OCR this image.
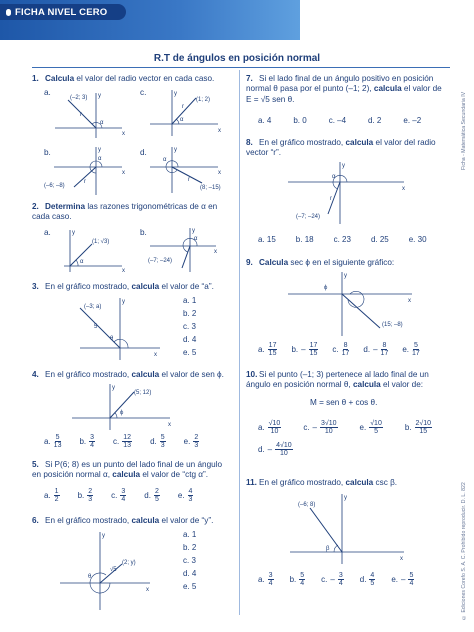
FICHA NIVEL CERO
R.T de ángulos en posición normal
Ficha - Matemática Secundaria IV
© Ediciones Corefo S. A. C. Prohibido reproducir. D. L. 822
1. Calcula el valor del radio vector en cada caso.
a.	c.
b.	d.
(–2; 3)
r
α
y
x
(1; 2)
r
α
y
x
(–6; –8)
r
α
y
x
(8; –15)
r
α
y
x
2. Determina las razones trigonométricas de α en cada caso.
a.	b.
(1; √3)
α
y
x
(–7; –24)
α
y
x
3. En el gráfico mostrado, calcula el valor de “a”.
(–3; a)
5
θ
y
x
a. 1
b. 2
c. 3
d. 4
e. 5
4. En el gráfico mostrado, calcula el valor de sen ϕ.
(5; 12)
ϕ
y
x
a. $\frac{5}{13} b$. $\frac{3}{4} c$. $\frac{12}{13} d$. $\frac{5}{3} e$. $\frac{2}{3}$
5. Si P(6; 8) es un punto del lado final de un ángulo en posición normal α, calcula el valor de “ctg α”.
a. $\frac{1}{2} b$. $\frac{2}{3} c$. $\frac{3}{4} d$. $\frac{2}{5} e$. $\frac{4}{3}$
6. En el gráfico mostrado, calcula el valor de “y”.
(2; y)
√5
θ
y
x
a. 1
b. 2
c. 3
d. 4
e. 5
7. Si el lado final de un ángulo positivo en posición normal θ pasa por el punto (–1; 2), calcula el valor de E = √5 sen θ.
a. 4	b. 0	c. –4	d. 2	e. –2
8. En el gráfico mostrado, calcula el valor del radio vector “r”.
(–7; –24)
r
α
y
x
a. 15	b. 18	c. 23	d. 25	e. 30
9. Calcula sec ϕ en el siguiente gráfico:
(15; –8)
ϕ
y
x
a. $\frac{17}{15} b$. – $\frac{17}{15} c$. $\frac{8}{17} d$. – $\frac{8}{17} e$. $\frac{5}{17}$
10. Si el punto (–1; 3) pertenece al lado final de un ángulo en posición normal θ, calcula el valor de:
M = sen θ + cos θ.
a. $\frac{√10}{10}$	c. – $\frac{3√10}{10}$	e. $\frac{√10}{5}$	b. $\frac{2√10}{15}$
d. – $\frac{4√10}{10}$
11. En el gráfico mostrado, calcula csc β.
(–6; 8)
β
y
x
a. $\frac{3}{4} b$. $\frac{5}{4} c$. – $\frac{3}{4} d$. $\frac{4}{5} e$. – $\frac{5}{4}$
